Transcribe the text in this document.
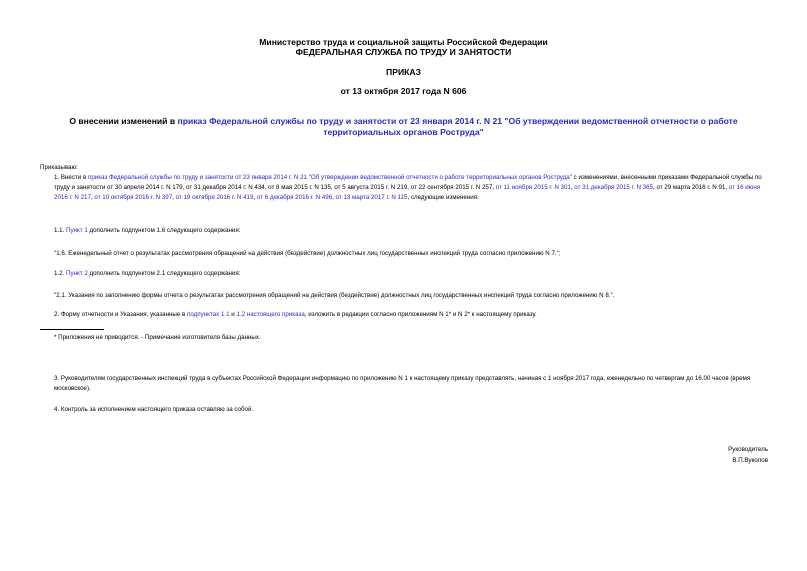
Министерство труда и социальной защиты Российской Федерации
ФЕДЕРАЛЬНАЯ СЛУЖБА ПО ТРУДУ И ЗАНЯТОСТИ
ПРИКАЗ
от 13 октября 2017 года N 606
О внесении изменений в приказ Федеральной службы по труду и занятости от 23 января 2014 г. N 21 "Об утверждении ведомственной отчетности о работе территориальных органов Роструда"
Приказываю:
1. Внести в приказ Федеральной службы по труду и занятости от 23 января 2014 г. N 21 "Об утверждении ведомственной отчетности о работе территориальных органов Роструда" с изменениями, внесенными приказами Федеральной службы по труду и занятости от 30 апреля 2014 г. N 179, от 31 декабря 2014 г. N 434, от 8 мая 2015 г. N 135, от 5 августа 2015 г. N 219, от 22 сентября 2015 г. N 257, от 11 ноября 2015 г. N 301, от 31 декабря 2015 г. N 365, от 29 марта 2016 г. N 91, от 16 июня 2016 г. N 217, от 10 октября 2016 г. N 397, от 19 октября 2016 г. N 419, от 6 декабря 2016 г. N 496, от 13 марта 2017 г. N 115, следующие изменения:
1.1. Пункт 1 дополнить подпунктом 1.6 следующего содержания:
"1.6. Еженедельный отчет о результатах рассмотрения обращений на действия (бездействие) должностных лиц государственных инспекций труда согласно приложению N 7.";
1.2. Пункт 2 дополнить подпунктом 2.1 следующего содержания:
"2.1. Указания по заполнению формы отчета о результатах рассмотрения обращений на действия (бездействие) должностных лиц государственных инспекций труда согласно приложению N 8.".
2. Форму отчетности и Указания, указанные в подпунктах 1.1 и 1.2 настоящего приказа, изложить в редакции согласно приложениям N 1* и N 2* к настоящему приказу.
* Приложения не приводится. - Примечание изготовителя базы данных.
3. Руководителям государственных инспекций труда в субъектах Российской Федерации информацию по приложению N 1 к настоящему приказу представлять, начиная с 1 ноября 2017 года, еженедельно по четвергам до 16.00 часов (время московское).
4. Контроль за исполнением настоящего приказа оставляю за собой.
Руководитель
В.П.Вуколов
